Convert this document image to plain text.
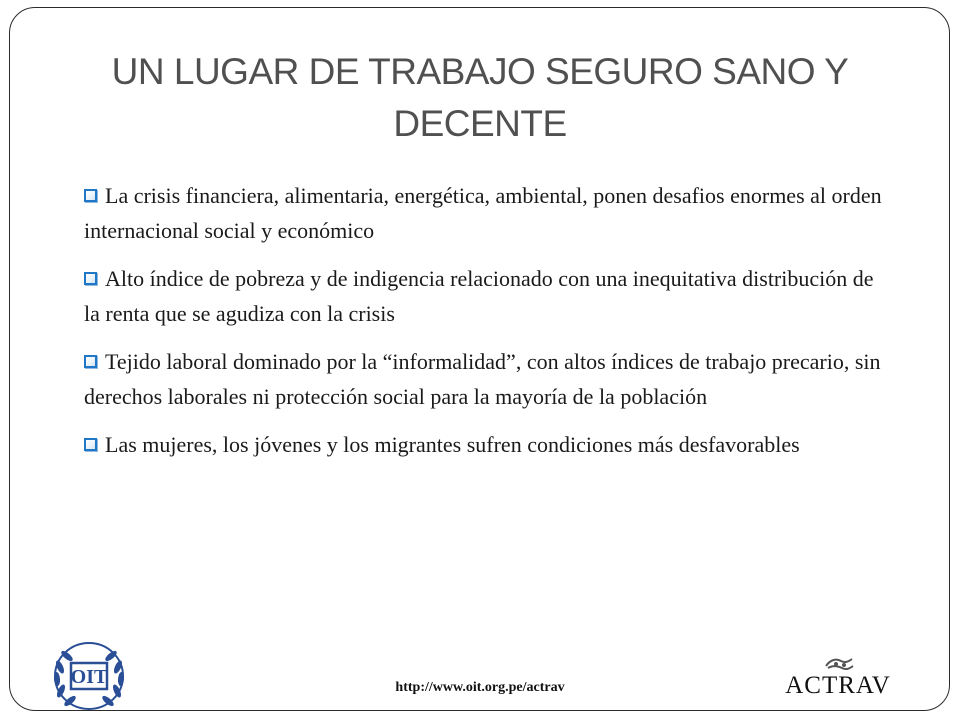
UN LUGAR DE TRABAJO SEGURO SANO Y
DECENTE
La crisis financiera, alimentaria, energética, ambiental, ponen desafios enormes al orden internacional social y económico
Alto índice de pobreza y de indigencia relacionado con una inequitativa distribución de la renta que se agudiza con la crisis
Tejido laboral dominado por la “informalidad”, con altos índices de trabajo precario, sin derechos laborales ni protección social para la mayoría de la población
Las mujeres, los jóvenes y los migrantes sufren condiciones más desfavorables
OIT	http://www.oit.org.pe/actrav	ACTRAV
